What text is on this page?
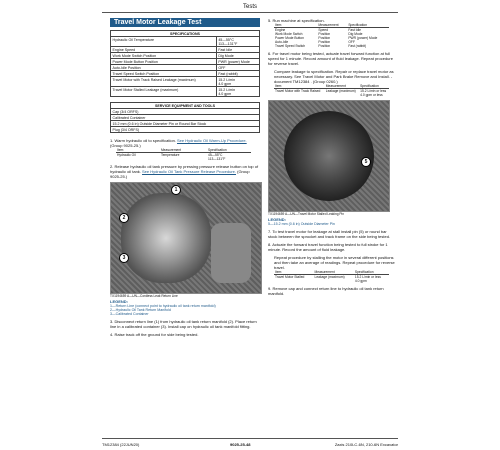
Tests
Travel Motor Leakage Test
SPECIFICATIONS	
Hydraulic Oil Temperature	45—55°C
113—131°F
Engine Speed	Fast Idle
Work Mode Switch Position	Dig Mode
Power Mode Button Position	PWR (power) Mode
Auto-Idle Position	OFF
Travel Speed Switch Position	Fast (rabbit)
Travel Motor with Track Raised Leakage (maximum)	15.2 L/min
4.0 gpm
Travel Motor Stalled Leakage (maximum)	15.2 L/min
4.0 gpm
SERVICE EQUIPMENT AND TOOLS
Cap (3/4 ORFS)
Calibrated Container
15.2 mm (0.6 in) Outside Diameter Pin or Round Bar Stock
Plug (3/4 ORFS)
1. Warm hydraulic oil to specification. See Hydraulic Oil Warm-Up Procedure. (Group 9025-25.)
Item	Measurement	Specification
Hydraulic Oil	Temperature	45—55°C
113—131°F
2. Release hydraulic oil tank pressure by pressing pressure release button on top of hydraulic oil tank. See Hydraulic Oil Tank Pressure Release Procedure. (Group 9025-25.)
1
2
3
TX1194659 A—UN—Cordless Leak Return Line
LEGEND:
1—Return Line (connect point to hydraulic oil tank return manifold)
2—Hydraulic Oil Tank Return Manifold
3—Calibrated Container
3. Disconnect return line (1) from hydraulic oil tank return manifold (2). Place return line in a calibrated container (3). Install cap on hydraulic oil tank manifold fitting.
4. Raise track off the ground for side being tested.
5. Run machine at specification.
Item	Measurement	Specification
Engine	Speed	Fast Idle
Work Mode Switch	Position	Dig Mode
Power Mode Button	Position	PWR (power) Mode
Auto-Idle	Position	OFF
Travel Speed Switch	Position	Fast (rabbit)
6. For travel motor being tested, actuate travel forward function at full speed for 1 minute. Record amount of fluid leakage. Repeat procedure for reverse travel.
Compare leakage to specification. Repair or replace travel motor as necessary. See Travel Motor and Park Brake Remove and Install. - document TM12384 . (Group 0260.)
Item	Measurement	Specification
Travel Motor with Track Raised	Leakage (maximum)	15.2 L/min or less
4.0 gpm or less
5
TX1194659 A—UN—Travel Motor Stalled Leaking Pin
LEGEND:
5—15.2 mm (0.6 in) Outside Diameter Pin
7. To test travel motor for leakage at stall install pin (5) or round bar stock between the sprocket and track frame on the side being tested.
8. Actuate the forward travel function being tested to full stroke for 1 minute. Record the amount of fluid leakage.
Repeat procedure by stalling the motor in several different positions and then take an average of readings. Repeat procedure for reverse travel.
Item	Measurement	Specification
Travel Motor Stalled	Leakage (maximum)	15.2 L/min or less
4.0 gpm
9. Remove cap and connect return line to hydraulic oil tank return manifold.
TM12384 (22JUN20)	9025-25-48	Zaxis 210LC-6N, 210-6N Excavator
